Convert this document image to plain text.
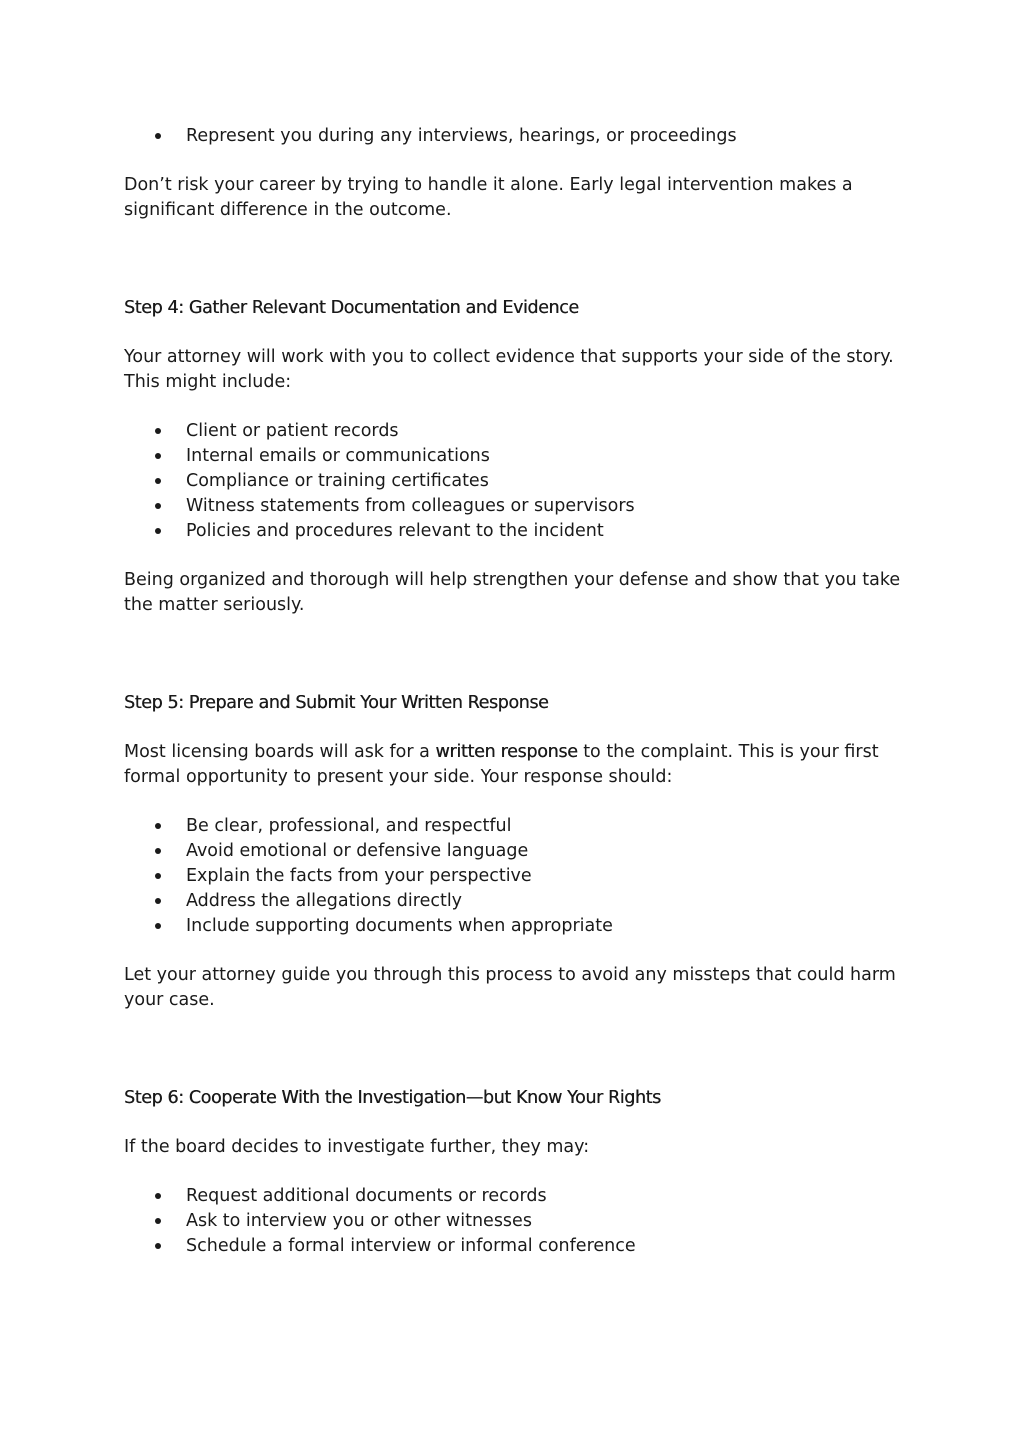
Represent you during any interviews, hearings, or proceedings

Don’t risk your career by trying to handle it alone. Early legal intervention makes a significant difference in the outcome.

Step 4: Gather Relevant Documentation and Evidence

Your attorney will work with you to collect evidence that supports your side of the story. This might include:

Client or patient records
Internal emails or communications
Compliance or training certificates
Witness statements from colleagues or supervisors
Policies and procedures relevant to the incident

Being organized and thorough will help strengthen your defense and show that you take the matter seriously.

Step 5: Prepare and Submit Your Written Response

Most licensing boards will ask for a written response to the complaint. This is your first formal opportunity to present your side. Your response should:

Be clear, professional, and respectful
Avoid emotional or defensive language
Explain the facts from your perspective
Address the allegations directly
Include supporting documents when appropriate

Let your attorney guide you through this process to avoid any missteps that could harm your case.

Step 6: Cooperate With the Investigation—but Know Your Rights

If the board decides to investigate further, they may:

Request additional documents or records
Ask to interview you or other witnesses
Schedule a formal interview or informal conference
